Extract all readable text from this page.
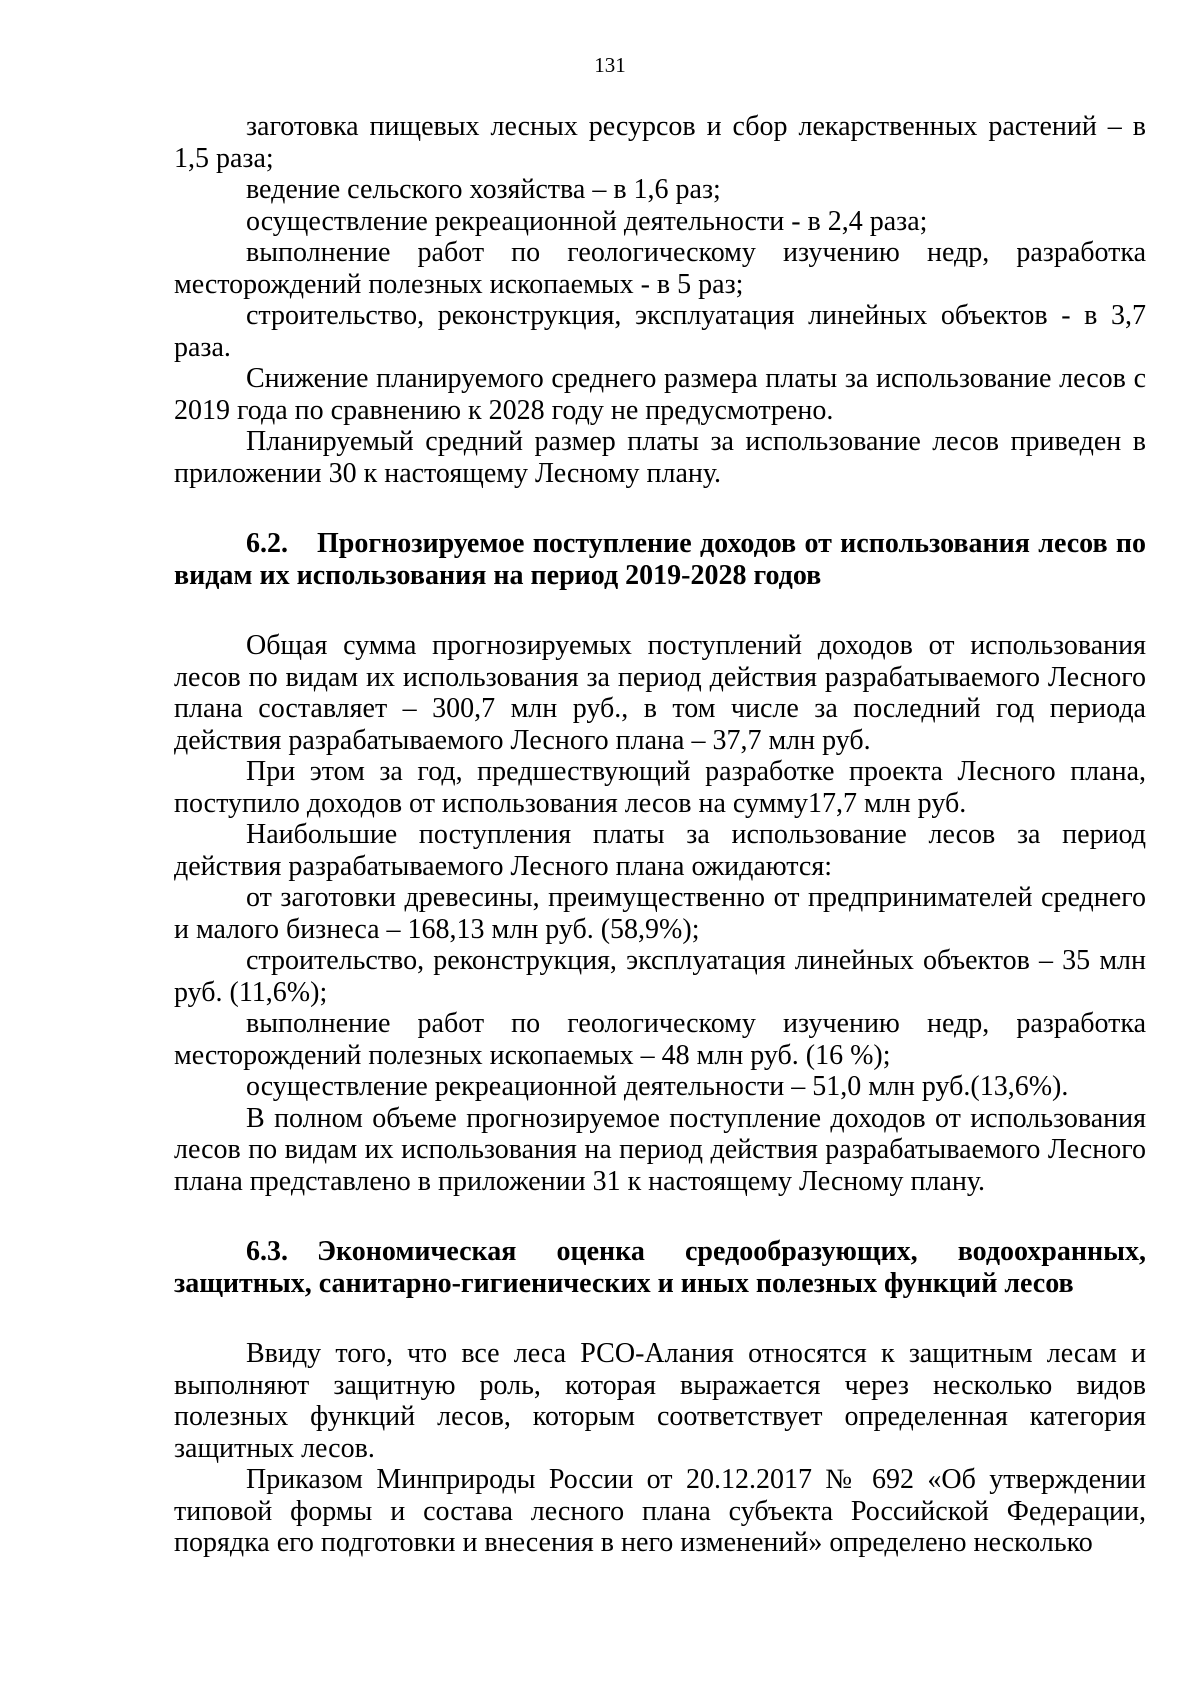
131

заготовка пищевых лесных ресурсов и сбор лекарственных растений – в 1,5 раза;

ведение сельского хозяйства – в 1,6 раз;

осуществление рекреационной деятельности - в 2,4 раза;

выполнение работ по геологическому изучению недр, разработка месторождений полезных ископаемых - в 5 раз;

строительство, реконструкция, эксплуатация линейных объектов - в 3,7 раза.

Снижение планируемого среднего размера платы за использование лесов с 2019 года по сравнению к 2028 году не предусмотрено.

Планируемый средний размер платы за использование лесов приведен в приложении 30 к настоящему Лесному плану.

6.2. Прогнозируемое поступление доходов от использования лесов по видам их использования на период 2019-2028 годов

Общая сумма прогнозируемых поступлений доходов от использования лесов по видам их использования за период действия разрабатываемого Лесного плана составляет – 300,7 млн руб., в том числе за последний год периода действия разрабатываемого Лесного плана – 37,7 млн руб.

При этом за год, предшествующий разработке проекта Лесного плана, поступило доходов от использования лесов на сумму17,7 млн руб.

Наибольшие поступления платы за использование лесов за период действия разрабатываемого Лесного плана ожидаются:

от заготовки древесины, преимущественно от предпринимателей среднего и малого бизнеса – 168,13 млн руб. (58,9%);

строительство, реконструкция, эксплуатация линейных объектов – 35 млн руб. (11,6%);

выполнение работ по геологическому изучению недр, разработка месторождений полезных ископаемых – 48 млн руб. (16 %);

осуществление рекреационной деятельности – 51,0 млн руб.(13,6%).

В полном объеме прогнозируемое поступление доходов от использования лесов по видам их использования на период действия разрабатываемого Лесного плана представлено в приложении 31 к настоящему Лесному плану.

6.3. Экономическая оценка средообразующих, водоохранных, защитных, санитарно-гигиенических и иных полезных функций лесов

Ввиду того, что все леса РСО-Алания относятся к защитным лесам и выполняют защитную роль, которая выражается через несколько видов полезных функций лесов, которым соответствует определенная категория защитных лесов.

Приказом Минприроды России от 20.12.2017 № 692 «Об утверждении типовой формы и состава лесного плана субъекта Российской Федерации, порядка его подготовки и внесения в него изменений» определено несколько
